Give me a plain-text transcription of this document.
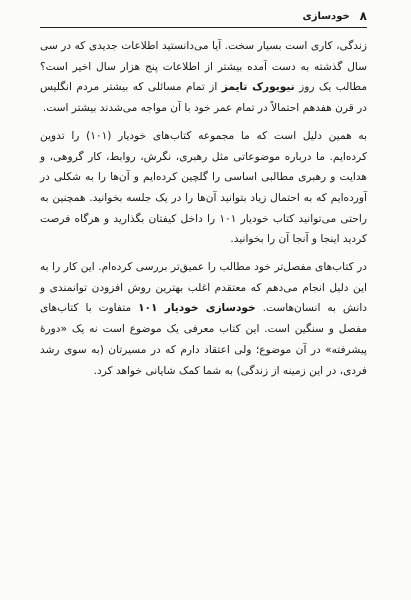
۸
خودسازی

زندگی، کاری است بسیار سخت. آیا می‌دانستید اطلاعات جدیدی که در سی سال گذشته به دست آمده بیشتر از اطلاعات پنج هزار سال اخیر است؟ مطالب یک روز نیویورک تایمز از تمام مسائلی که بیشتر مردم انگلیس در قرن هفدهم احتمالاً در تمام عمر خود با آن مواجه می‌شدند بیشتر است.

به همین دلیل است که ما مجموعه کتاب‌های خودیار (۱۰۱) را تدوین کرده‌ایم. ما درباره موضوعاتی مثل رهبری، نگرش، روابط، کار گروهی، و هدایت و رهبری مطالبی اساسی را گلچین کرده‌ایم و آن‌ها را به شکلی در آورده‌ایم که به احتمال زیاد بتوانید آن‌ها را در یک جلسه بخوانید. همچنین به راحتی می‌توانید کتاب خودیار ۱۰۱ را داخل کیفتان بگذارید و هرگاه فرصت کردید اینجا و آنجا آن را بخوانید.

در کتاب‌های مفصل‌تر خود مطالب را عمیق‌تر بررسی کرده‌ام. این کار را به این دلیل انجام می‌دهم که معتقدم اغلب بهترین روش افزودن توانمندی و دانش به انسان‌هاست. خودسازی خودیار ۱۰۱ متفاوت با کتاب‌های مفصل و سنگین است. این کتاب معرفی یک موضوع است نه یک «دورهٔ پیشرفته» در آن موضوع؛ ولی اعتقاد دارم که در مسیرتان (به سوی رشد فردی، در این زمینه از زندگی) به شما کمک شایانی خواهد کرد.
